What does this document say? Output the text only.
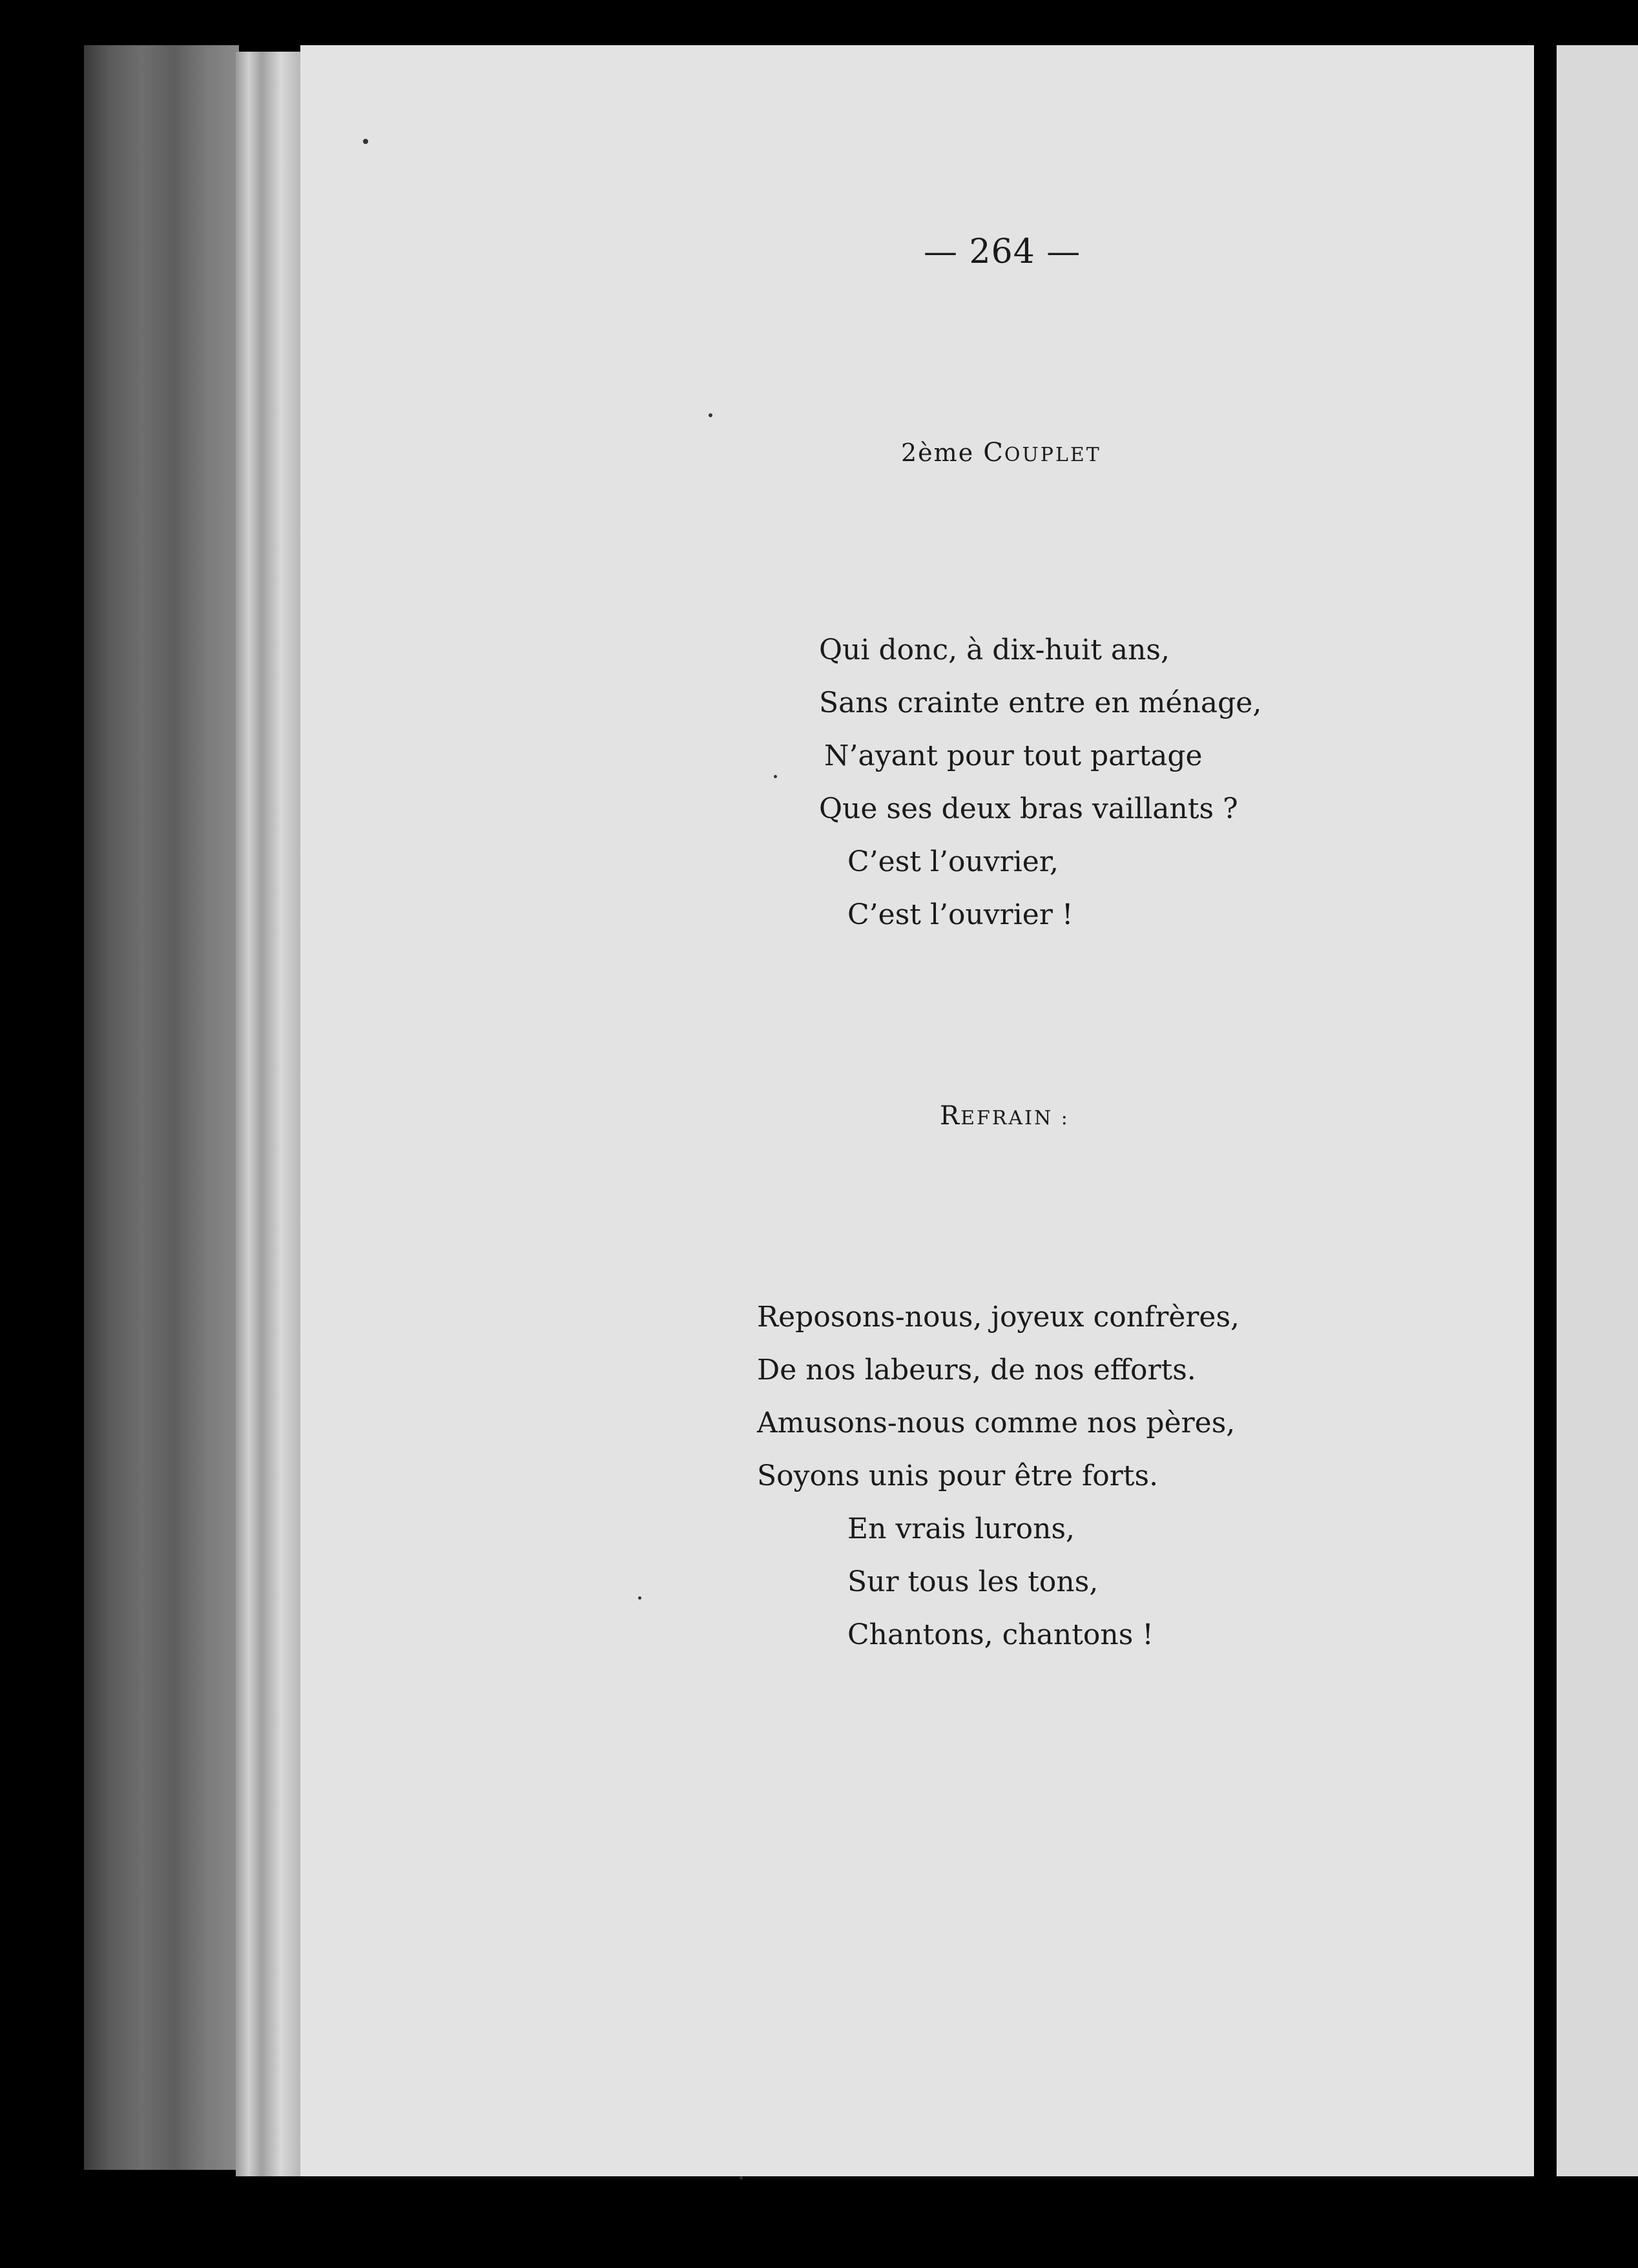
— 264 —
2ème COUPLET
Qui donc, à dix-huit ans,
Sans crainte entre en ménage,
N’ayant pour tout partage
Que ses deux bras vaillants ?
C’est l’ouvrier,
C’est l’ouvrier !
REFRAIN :
Reposons-nous, joyeux confrères,
De nos labeurs, de nos efforts.
Amusons-nous comme nos pères,
Soyons unis pour être forts.
En vrais lurons,
Sur tous les tons,
Chantons, chantons !
